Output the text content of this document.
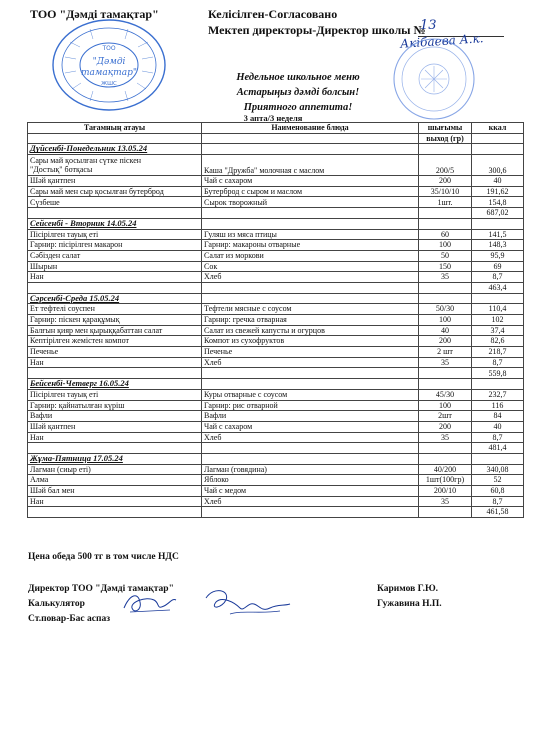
ТОО "Дәмді тамақтар"	Келісілген-Согласовано
Мектеп директоры-Директор школы №
13
Акібаева А.к.
ТОО
"Дәмді
тамақтар"
ЖШС
Недельное школьное меню
Астарыңыз дәмді болсын!
Приятного аппетита!
3 апта/3 неделя
Тағамның атауы	Наименование блюда	шығымы	ккал
		выход (гр)	
Дүйсенбі-Понедельник 13.05.24			

Сары май қосылған сүтке піскен
"Достық" ботқасы	Каша "Дружба" молочная с маслом	200/5	300,6
Шәй қантпен	Чай с сахаром	200	40
Сары май мен сыр қосылған бутерброд	Бутерброд с сыром и маслом	35/10/10	191,62
Сүзбеше	Сырок творожный	1шт.	154,8
			687,02
Сейсенбі - Вторник 14.05.24			
Пісірілген тауық еті	Гуляш из мяса птицы	60	141,5
Гарнир: пісірілген макарон	Гарнир: макароны отварные	100	148,3
Сәбізден салат	Салат из моркови	50	95,9
Шырын	Сок	150	69
Нан	Хлеб	35	8,7
			463,4
Сәрсенбі-Среда 15.05.24			
Ет тефтелі соуспен	Тефтели мясные с соусом	50/30	110,4
Гарнир: піскен қарақұмық	Гарнир: гречка отварная	100	102
Балғын қияр мен қырыққабаттан салат	Салат из свежей капусты и огурцов	40	37,4
Кептірілген жемістен компот	Компот из сухофруктов	200	82,6
Печенье	Печенье	2 шт	218,7
Нан	Хлеб	35	8,7
			559,8
Бейсенбі-Четверг 16.05.24			
Пісірілген тауық еті	Куры отварные с соусом	45/30	232,7
Гарнир: қайнатылған күріш	Гарнир: рис отварной	100	116
Вафли	Вафли	2шт	84
Шәй қантпен	Чай с сахаром	200	40
Нан	Хлеб	35	8,7
			481,4
Жұма-Пятница 17.05.24			
Лагман (сиыр еті)	Лагман (говядина)	40/200	340,08
Алма	Яблоко	1шт(100гр)	52
Шәй бал мен	Чай с медом	200/10	60,8
Нан	Хлеб	35	8,7
			461,58
Цена обеда 500 тг в том числе НДС
Директор ТОО "Дәмді тамақтар"
Калькулятор
Ст.повар-Бас аспаз
Каримов Г.Ю.
Гужавина Н.П.
